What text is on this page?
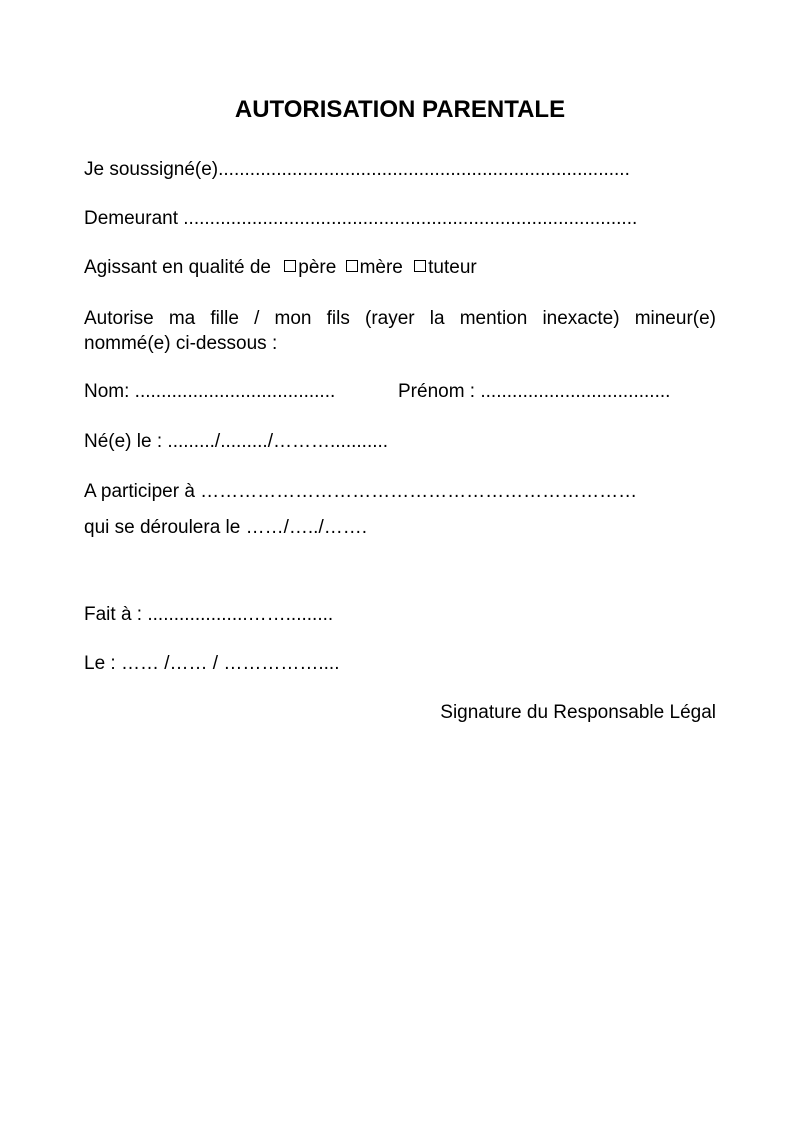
AUTORISATION PARENTALE
Je soussigné(e)..............................................................................
Demeurant ......................................................................................
Agissant en qualité de père mère tuteur
Autorise ma fille / mon fils (rayer la mention inexacte) mineur(e)
nommé(e) ci-dessous :
Nom: ......................................	Prénom : ....................................
Né(e) le : ........./........./………...........
A participer à ……………………………………………………………
qui se déroulera le ……/…../…….
Fait à : ...................…….........
Le : …… /…… / ……………....
Signature du Responsable Légal
